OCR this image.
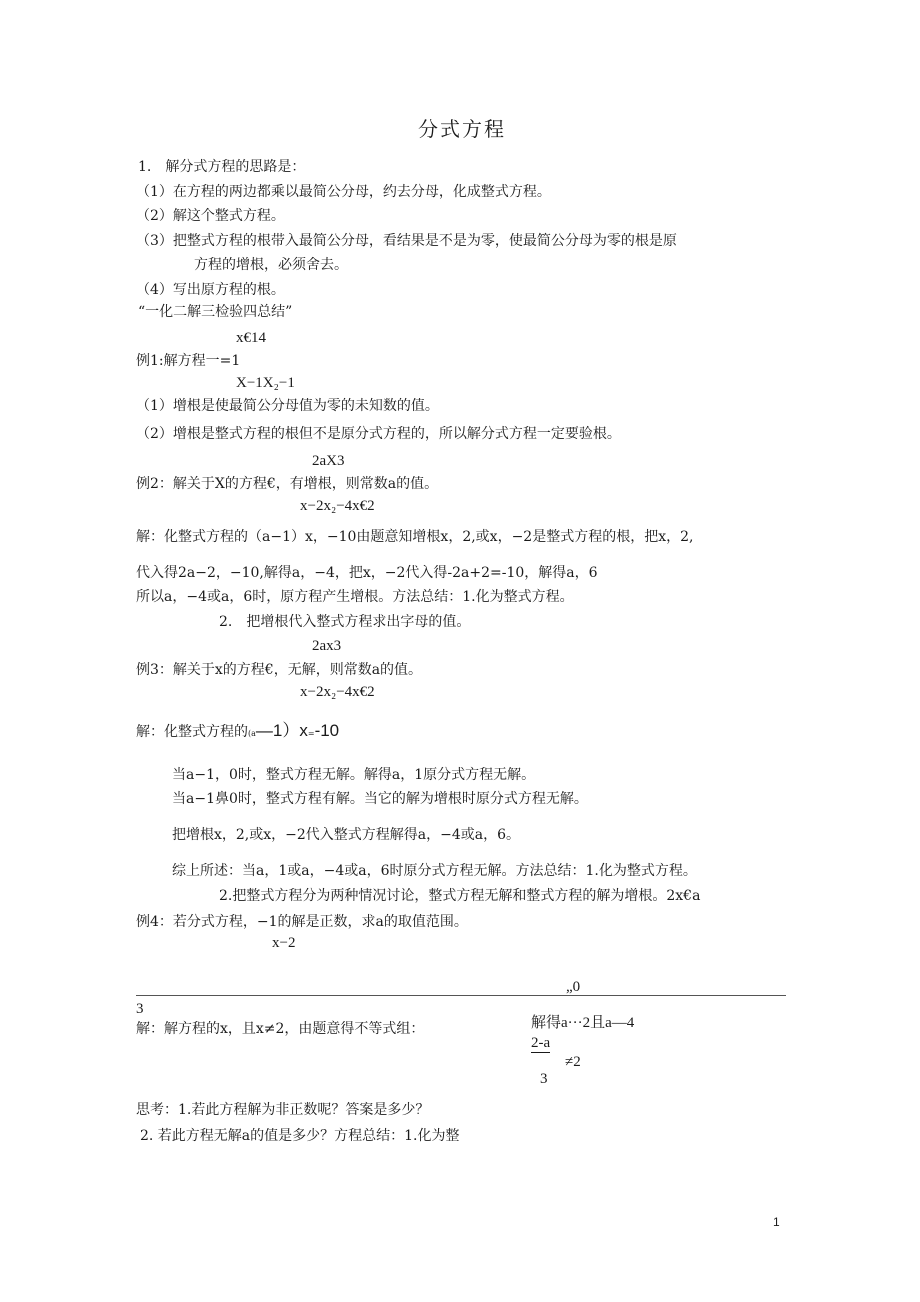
分式方程
1.　解分式方程的思路是：
（1）在方程的两边都乘以最简公分母，约去分母，化成整式方程。
（2）解这个整式方程。
（3）把整式方程的根带入最简公分母，看结果是不是为零，使最简公分母为零的根是原
方程的增根，必须舍去。
（4）写出原方程的根。
“一化二解三检验四总结”
x€14
例1:解方程一=1
X−1X₂−1
（1）增根是使最简公分母值为零的未知数的值。
（2）增根是整式方程的根但不是原分式方程的，所以解分式方程一定要验根。
2aX3
例2：解关于X的方程€，有增根，则常数a的值。
x−2x₂−4x€2
解：化整式方程的（a−1）x，−10由题意知增根x，2,或x，−2是整式方程的根，把x，2,
代入得2a−2，−10,解得a，−4，把x，−2代入得-2a+2=-10，解得a，6
所以a，−4或a，6时，原方程产生增根。方法总结：1.化为整式方程。
2.　把增根代入整式方程求出字母的值。
2ax3
例3：解关于x的方程€，无解，则常数a的值。
x−2x₂−4x€2
解：化整式方程的(a—1）x=-10
当a−1，0时，整式方程无解。解得a，1原分式方程无解。
当a−1鼻0时，整式方程有解。当它的解为增根时原分式方程无解。
把增根x，2,或x，−2代入整式方程解得a，−4或a，6。
综上所述：当a，1或a，−4或a，6时原分式方程无解。方法总结：1.化为整式方程。
2.把整式方程分为两种情况讨论，整式方程无解和整式方程的解为增根。2x€a
例4：若分式方程，−1的解是正数，求a的取值范围。
x−2
„0
3
解：解方程的x，且x≠2，由题意得不等式组：	解得a···2且a—4
2-a
≠2
3
思考：1.若此方程解为非正数呢？答案是多少？
2. 若此方程无解a的值是多少？方程总结：1.化为整
1
